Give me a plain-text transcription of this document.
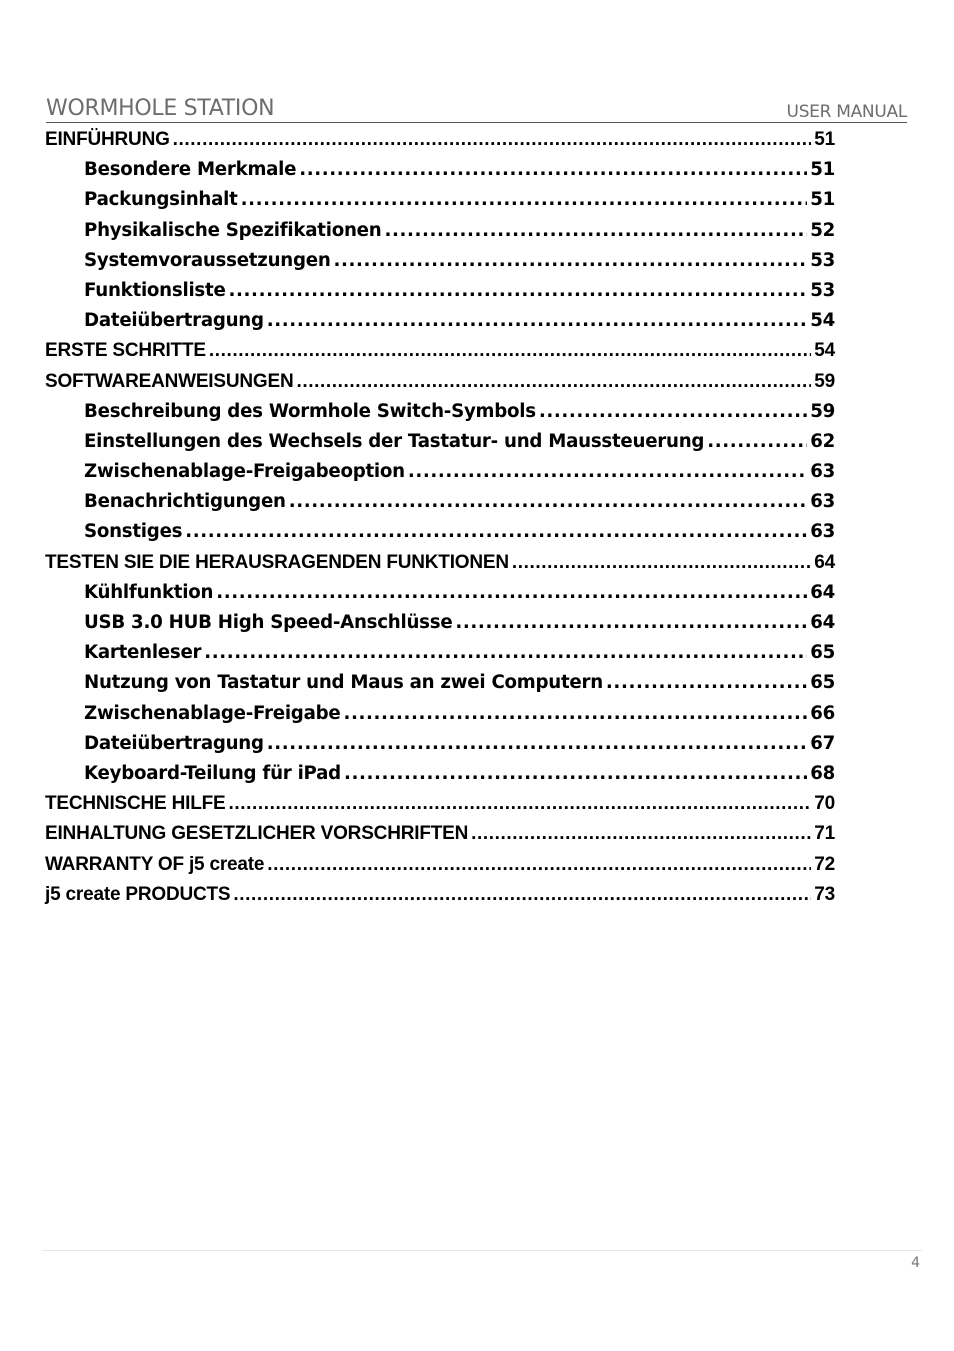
WORMHOLE STATION	USER MANUAL
EINFÜHRUNG .....	51
Besondere Merkmale .....	51
Packungsinhalt .....	51
Physikalische Spezifikationen .....	52
Systemvoraussetzungen .....	53
Funktionsliste .....	53
Dateiübertragung .....	54
ERSTE SCHRITTE .....	54
SOFTWAREANWEISUNGEN .....	59
Beschreibung des Wormhole Switch-Symbols .....	59
Einstellungen des Wechsels der Tastatur- und Maussteuerung .....	62
Zwischenablage-Freigabeoption .....	63
Benachrichtigungen .....	63
Sonstiges .....	63
TESTEN SIE DIE HERAUSRAGENDEN FUNKTIONEN .....	64
Kühlfunktion .....	64
USB 3.0 HUB High Speed-Anschlüsse .....	64
Kartenleser .....	65
Nutzung von Tastatur und Maus an zwei Computern .....	65
Zwischenablage-Freigabe .....	66
Dateiübertragung .....	67
Keyboard-Teilung für iPad .....	68
TECHNISCHE HILFE .....	70
EINHALTUNG GESETZLICHER VORSCHRIFTEN .....	71
WARRANTY OF j5 create .....	72
j5 create PRODUCTS .....	73
4
